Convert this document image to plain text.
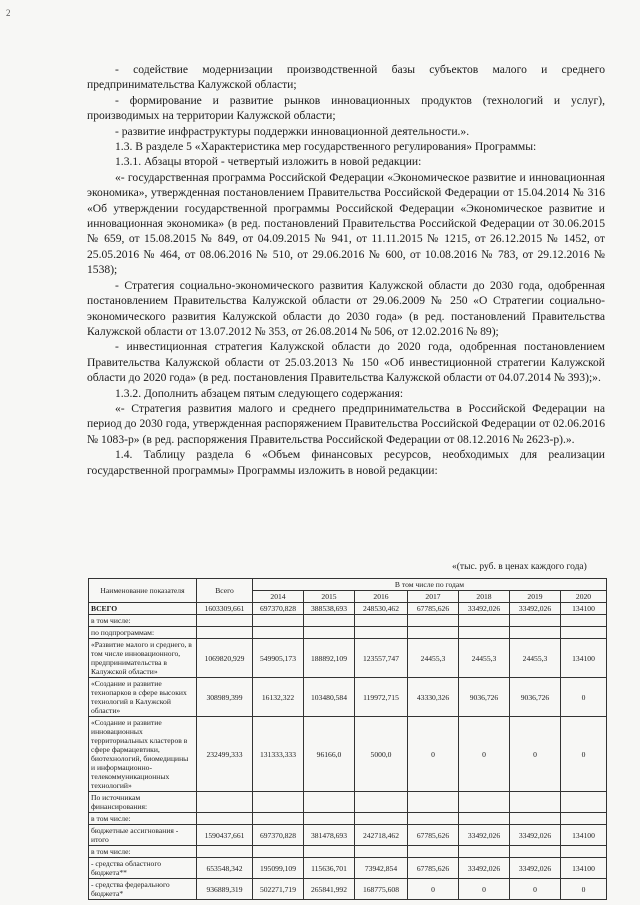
2

- содействие модернизации производственной базы субъектов малого и среднего предпринимательства Калужской области;

- формирование и развитие рынков инновационных продуктов (технологий и услуг), производимых на территории Калужской области;

- развитие инфраструктуры поддержки инновационной деятельности.».

1.3. В разделе 5 «Характеристика мер государственного регулирования» Программы:

1.3.1. Абзацы второй - четвертый изложить в новой редакции:

«- государственная программа Российской Федерации «Экономическое развитие и инновационная экономика», утвержденная постановлением Правительства Российской Федерации от 15.04.2014 № 316 «Об утверждении государственной программы Российской Федерации «Экономическое развитие и инновационная экономика» (в ред. постановлений Правительства Российской Федерации от 30.06.2015 № 659, от 15.08.2015 № 849, от 04.09.2015 № 941, от 11.11.2015 № 1215, от 26.12.2015 № 1452, от 25.05.2016 № 464, от 08.06.2016 № 510, от 29.06.2016 № 600, от 10.08.2016 № 783, от 29.12.2016 № 1538);

- Стратегия социально-экономического развития Калужской области до 2030 года, одобренная постановлением Правительства Калужской области от 29.06.2009 № 250 «О Стратегии социально-экономического развития Калужской области до 2030 года» (в ред. постановлений Правительства Калужской области от 13.07.2012 № 353, от 26.08.2014 № 506, от 12.02.2016 № 89);

- инвестиционная стратегия Калужской области до 2020 года, одобренная постановлением Правительства Калужской области от 25.03.2013 № 150 «Об инвестиционной стратегии Калужской области до 2020 года» (в ред. постановления Правительства Калужской области от 04.07.2014 № 393);».

1.3.2. Дополнить абзацем пятым следующего содержания:

«- Стратегия развития малого и среднего предпринимательства в Российской Федерации на период до 2030 года, утвержденная распоряжением Правительства Российской Федерации от 02.06.2016 № 1083-р» (в ред. распоряжения Правительства Российской Федерации от 08.12.2016 № 2623-р).».

1.4. Таблицу раздела 6 «Объем финансовых ресурсов, необходимых для реализации государственной программы» Программы изложить в новой редакции:

«(тыс. руб. в ценах каждого года)
Наименование показателя	Всего	В том числе по годам						
		2014	2015	2016	2017	2018	2019	2020
ВСЕГО	1603309,661	697370,828	388538,693	248530,462	67785,626	33492,026	33492,026	134100
в том числе:								
по подпрограммам:								
«Развитие малого и среднего, в том числе инновационного, предпринимательства в Калужской области»	1069820,929	549905,173	188892,109	123557,747	24455,3	24455,3	24455,3	134100
«Создание и развитие технопарков в сфере высоких технологий в Калужской области»	308989,399	16132,322	103480,584	119972,715	43330,326	9036,726	9036,726	0
«Создание и развитие инновационных территориальных кластеров в сфере фармацевтики, биотехнологий, биомедицины и информационно-телекоммуникационных технологий»	232499,333	131333,333	96166,0	5000,0	0	0	0	0
По источникам финансирования:								
в том числе:								
бюджетные ассигнования - итого	1590437,661	697370,828	381478,693	242718,462	67785,626	33492,026	33492,026	134100
в том числе:								
- средства областного бюджета**	653548,342	195099,109	115636,701	73942,854	67785,626	33492,026	33492,026	134100
- средства федерального бюджета*	936889,319	502271,719	265841,992	168775,608	0	0	0	0
